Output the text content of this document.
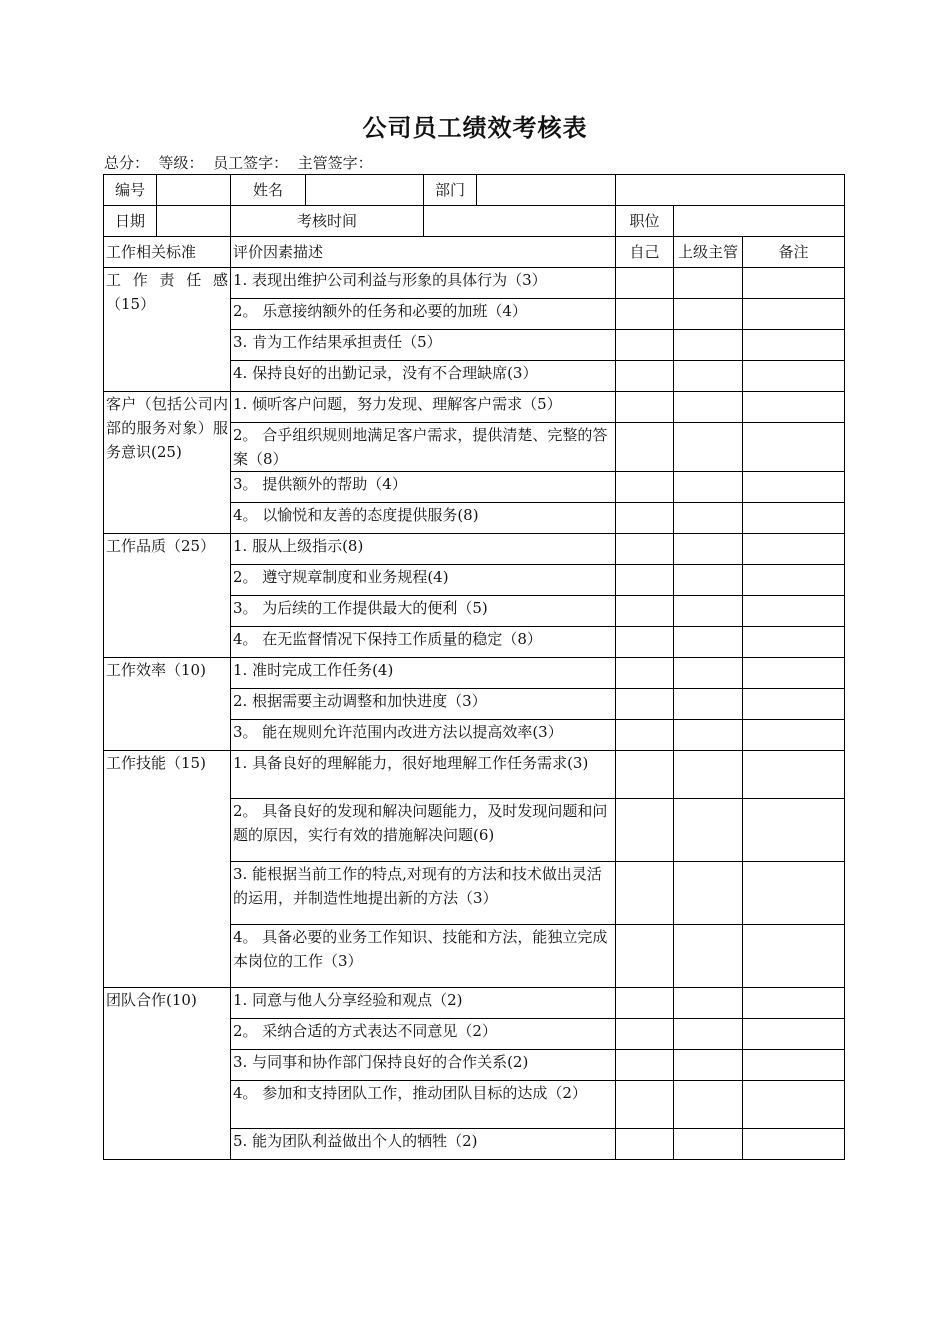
公司员工绩效考核表
总分：  等级：  员工签字：  主管签字：
编号		姓名		部门				
日期		考核时间				职位		
工作相关标准		评价因素描述				自己	上级主管	备注
工 作 责 任 感（15）		1. 表现出维护公司利益与形象的具体行为（3）						
		2。 乐意接纳额外的任务和必要的加班（4）						
		3. 肯为工作结果承担责任（5）						
		4. 保持良好的出勤记录，没有不合理缺席(3）						
客户（包括公司内部的服务对象）服务意识(25)		1. 倾听客户问题，努力发现、理解客户需求（5）						
		2。 合乎组织规则地满足客户需求，提供清楚、完整的答案（8）						
		3。 提供额外的帮助（4）						
		4。 以愉悦和友善的态度提供服务(8)						
工作品质（25）		1. 服从上级指示(8)						
		2。 遵守规章制度和业务规程(4)						
		3。 为后续的工作提供最大的便利（5)						
		4。 在无监督情况下保持工作质量的稳定（8）						
工作效率（10)		1. 准时完成工作任务(4)						
		2. 根据需要主动调整和加快进度（3）						
		3。 能在规则允许范围内改进方法以提高效率(3）						
工作技能（15)		1. 具备良好的理解能力，很好地理解工作任务需求(3)						
		2。 具备良好的发现和解决问题能力，及时发现问题和问题的原因，实行有效的措施解决问题(6)						
		3. 能根据当前工作的特点,对现有的方法和技术做出灵活的运用，并制造性地提出新的方法（3）						
		4。 具备必要的业务工作知识、技能和方法，能独立完成本岗位的工作（3）						
团队合作(10)		1. 同意与他人分享经验和观点（2)						
		2。 采纳合适的方式表达不同意见（2）						
		3. 与同事和协作部门保持良好的合作关系(2)						
		4。 参加和支持团队工作，推动团队目标的达成（2）						
		5. 能为团队利益做出个人的牺牲（2)						
